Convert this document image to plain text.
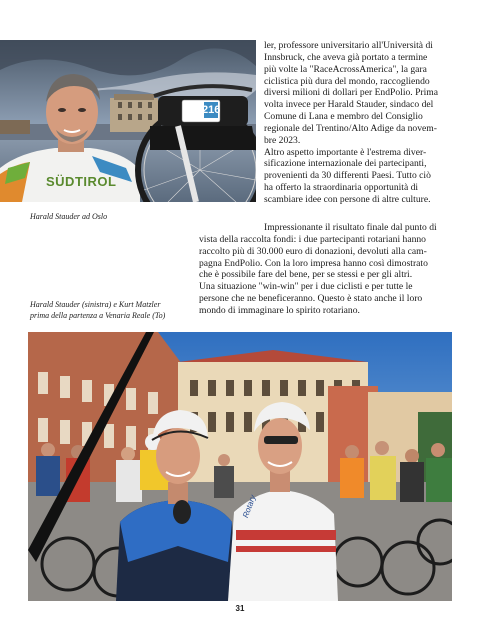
SÜDTIROL
216
Harald Stauder ad Oslo
Harald Stauder (sinistra) e Kurt Matzler
prima della partenza a Venaria Reale (To)

ler, professore universitario all'Università di

Innsbruck, che aveva già portato a termine

più volte la "RaceAcrossAmerica", la gara

ciclistica più dura del mondo, raccogliendo

diversi milioni di dollari per EndPolio. Prima

volta invece per Harald Stauder, sindaco del

Comune di Lana e membro del Consiglio

regionale del Trentino/Alto Adige da novem-

bre 2023.

Altro aspetto importante è l'estrema diver-

sificazione internazionale dei partecipanti,

provenienti da 30 differenti Paesi. Tutto ciò

ha offerto la straordinaria opportunità di

scambiare idee con persone di altre culture.

Impressionante il risultato finale dal punto di

vista della raccolta fondi: i due partecipanti rotariani hanno

raccolto più di 30.000 euro di donazioni, devoluti alla cam-

pagna EndPolio. Con la loro impresa hanno così dimostrato

che è possibile fare del bene, per se stessi e per gli altri.

Una situazione "win-win" per i due ciclisti e per tutte le

persone che ne beneficeranno. Questo è stato anche il loro

mondo di immaginare lo spirito rotariano.

Rotary
31
